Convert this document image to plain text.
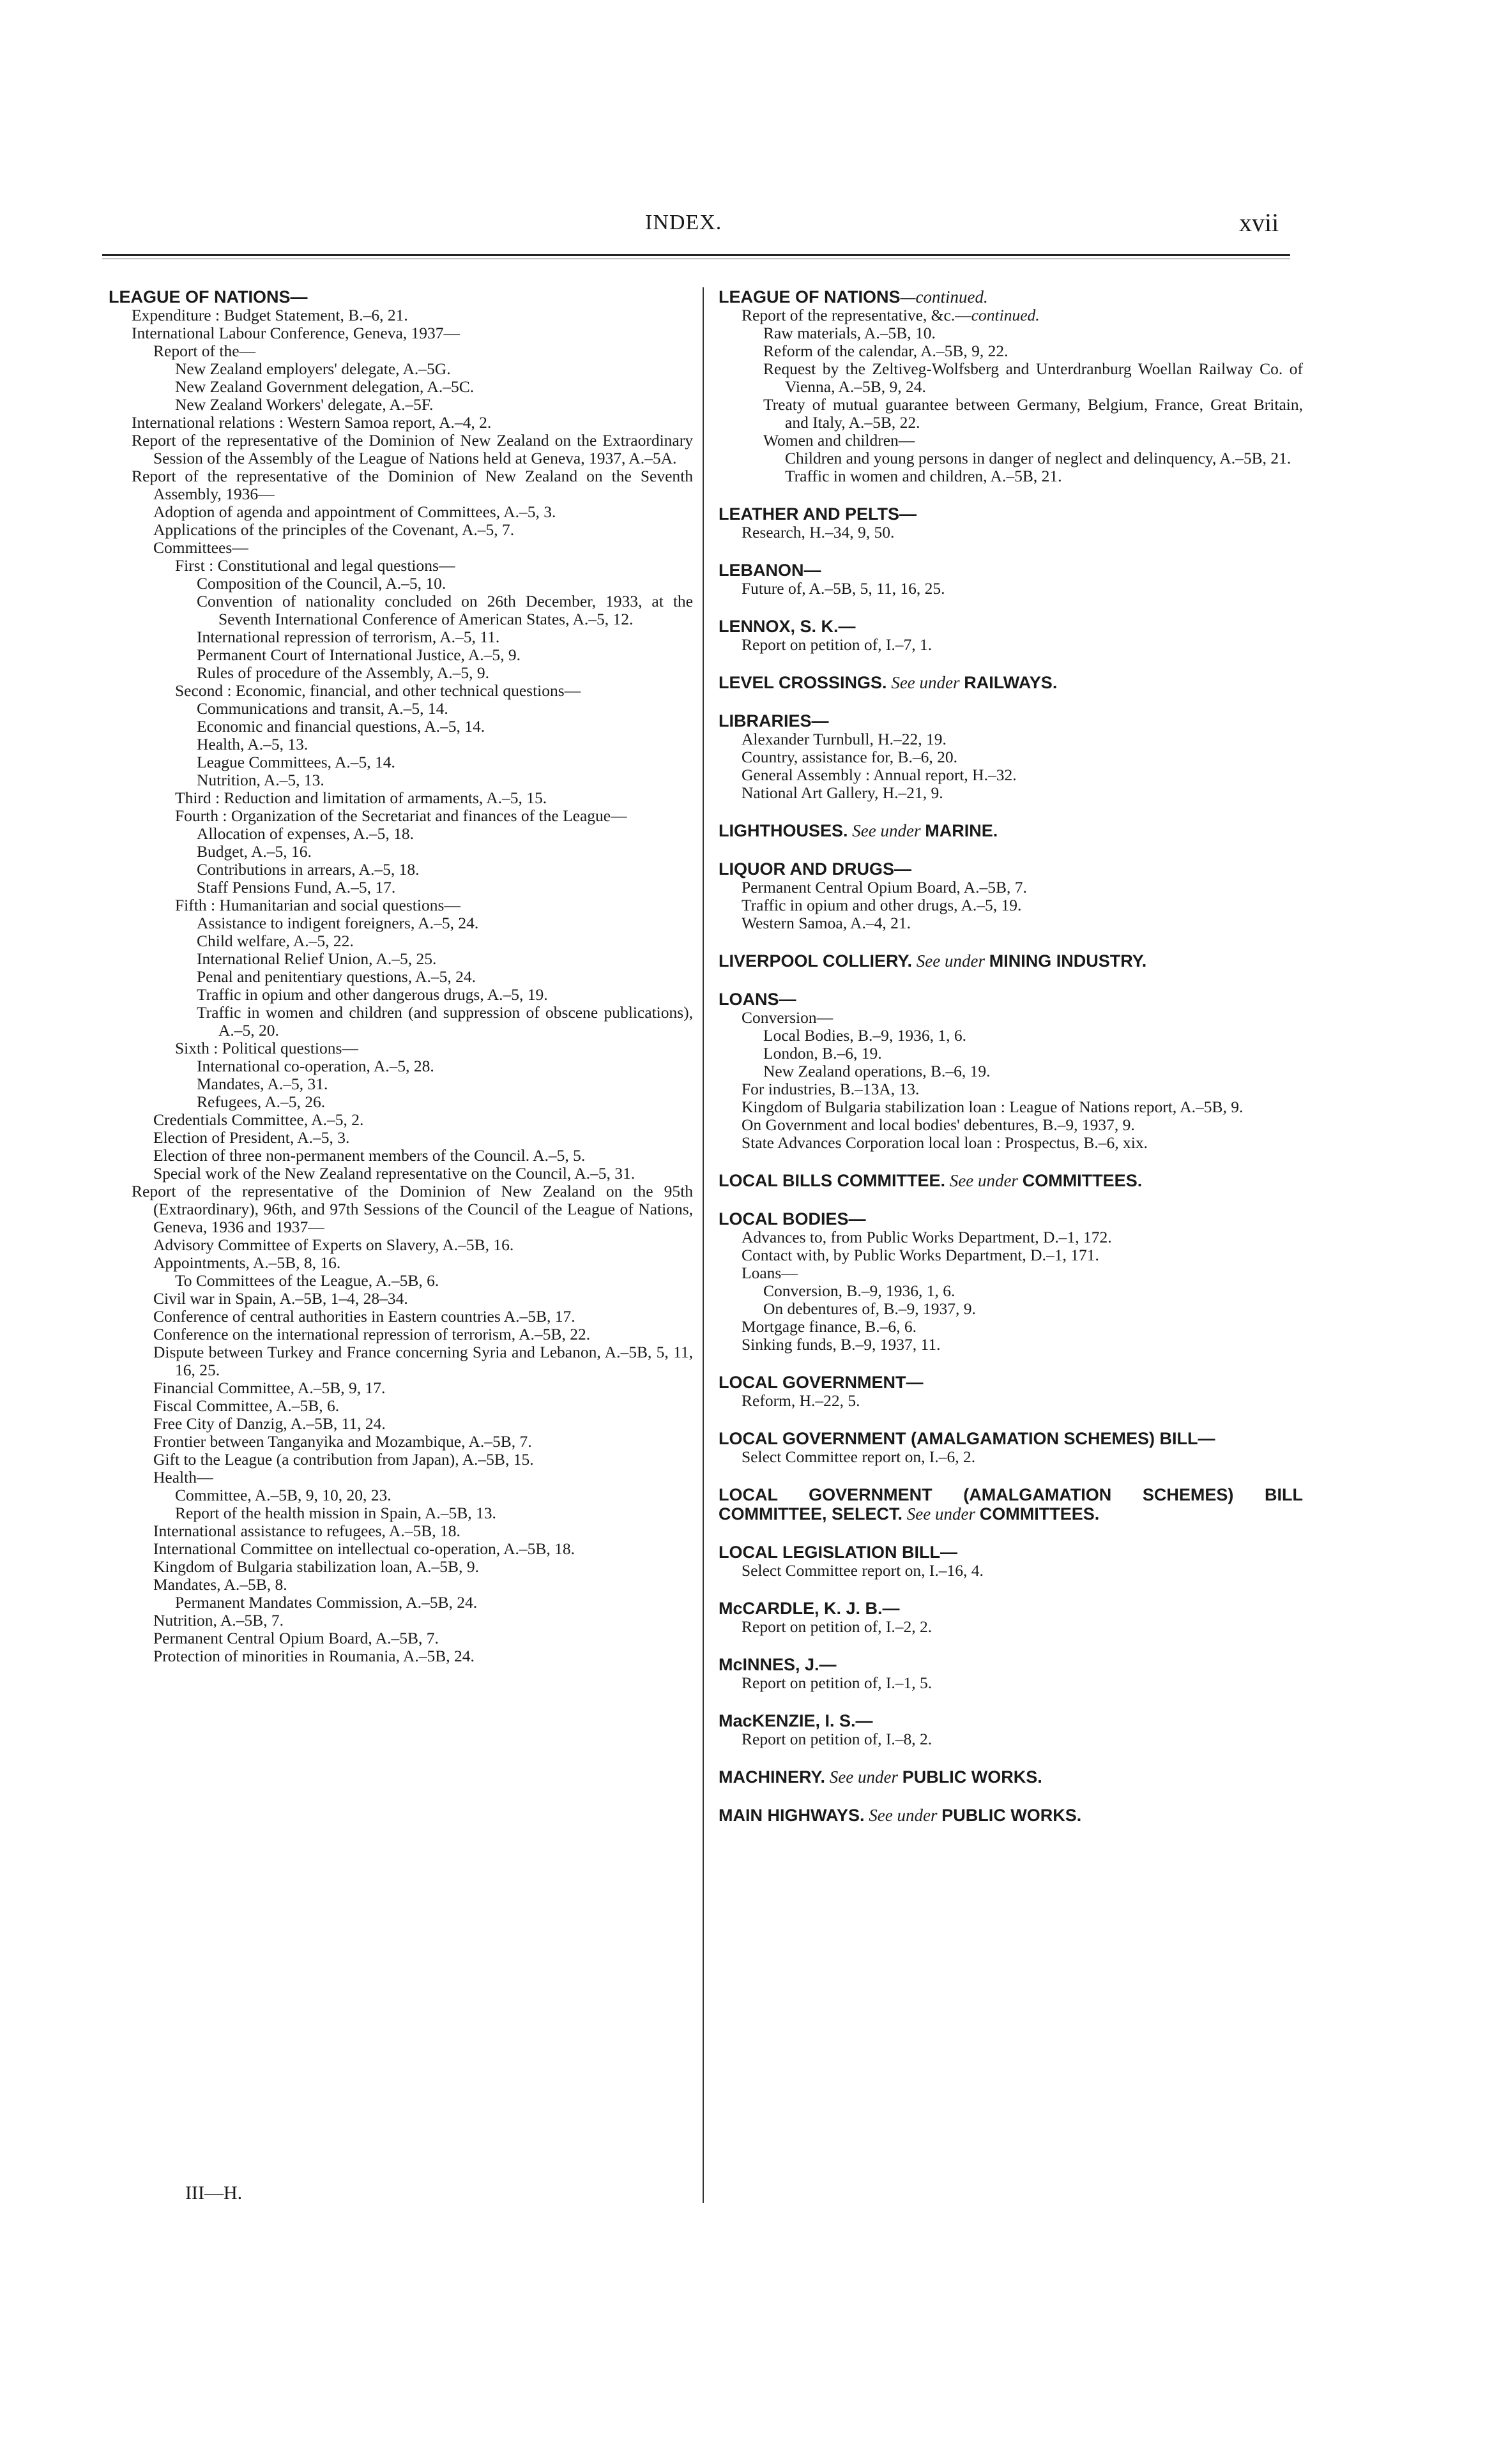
INDEX.	xvii
LEAGUE OF NATIONS—
Expenditure : Budget Statement, B.–6, 21.
International Labour Conference, Geneva, 1937—
Report of the—
New Zealand employers' delegate, A.–5G.
New Zealand Government delegation, A.–5C.
New Zealand Workers' delegate, A.–5F.
International relations : Western Samoa report, A.–4, 2.
Report of the representative of the Dominion of New Zealand on the Extraordinary Session of the Assembly of the League of Nations held at Geneva, 1937, A.–5A.
Report of the representative of the Dominion of New Zealand on the Seventh Assembly, 1936—
Adoption of agenda and appointment of Committees, A.–5, 3.
Applications of the principles of the Covenant, A.–5, 7.
Committees—
First : Constitutional and legal questions—
Composition of the Council, A.–5, 10.
Convention of nationality concluded on 26th December, 1933, at the Seventh International Conference of American States, A.–5, 12.
International repression of terrorism, A.–5, 11.
Permanent Court of International Justice, A.–5, 9.
Rules of procedure of the Assembly, A.–5, 9.
Second : Economic, financial, and other technical questions—
Communications and transit, A.–5, 14.
Economic and financial questions, A.–5, 14.
Health, A.–5, 13.
League Committees, A.–5, 14.
Nutrition, A.–5, 13.
Third : Reduction and limitation of armaments, A.–5, 15.
Fourth : Organization of the Secretariat and finances of the League—
Allocation of expenses, A.–5, 18.
Budget, A.–5, 16.
Contributions in arrears, A.–5, 18.
Staff Pensions Fund, A.–5, 17.
Fifth : Humanitarian and social questions—
Assistance to indigent foreigners, A.–5, 24.
Child welfare, A.–5, 22.
International Relief Union, A.–5, 25.
Penal and penitentiary questions, A.–5, 24.
Traffic in opium and other dangerous drugs, A.–5, 19.
Traffic in women and children (and suppression of obscene publications), A.–5, 20.
Sixth : Political questions—
International co-operation, A.–5, 28.
Mandates, A.–5, 31.
Refugees, A.–5, 26.
Credentials Committee, A.–5, 2.
Election of President, A.–5, 3.
Election of three non-permanent members of the Council. A.–5, 5.
Special work of the New Zealand representative on the Council, A.–5, 31.
Report of the representative of the Dominion of New Zealand on the 95th (Extraordinary), 96th, and 97th Sessions of the Council of the League of Nations, Geneva, 1936 and 1937—
Advisory Committee of Experts on Slavery, A.–5B, 16.
Appointments, A.–5B, 8, 16.
To Committees of the League, A.–5B, 6.
Civil war in Spain, A.–5B, 1–4, 28–34.
Conference of central authorities in Eastern countries A.–5B, 17.
Conference on the international repression of terrorism, A.–5B, 22.
Dispute between Turkey and France concerning Syria and Lebanon, A.–5B, 5, 11, 16, 25.
Financial Committee, A.–5B, 9, 17.
Fiscal Committee, A.–5B, 6.
Free City of Danzig, A.–5B, 11, 24.
Frontier between Tanganyika and Mozambique, A.–5B, 7.
Gift to the League (a contribution from Japan), A.–5B, 15.
Health—
Committee, A.–5B, 9, 10, 20, 23.
Report of the health mission in Spain, A.–5B, 13.
International assistance to refugees, A.–5B, 18.
International Committee on intellectual co-operation, A.–5B, 18.
Kingdom of Bulgaria stabilization loan, A.–5B, 9.
Mandates, A.–5B, 8.
Permanent Mandates Commission, A.–5B, 24.
Nutrition, A.–5B, 7.
Permanent Central Opium Board, A.–5B, 7.
Protection of minorities in Roumania, A.–5B, 24.
LEAGUE OF NATIONS—continued.
Report of the representative, &c.—continued.
Raw materials, A.–5B, 10.
Reform of the calendar, A.–5B, 9, 22.
Request by the Zeltiveg-Wolfsberg and Unterdranburg Woellan Railway Co. of Vienna, A.–5B, 9, 24.
Treaty of mutual guarantee between Germany, Belgium, France, Great Britain, and Italy, A.–5B, 22.
Women and children—
Children and young persons in danger of neglect and delinquency, A.–5B, 21.
Traffic in women and children, A.–5B, 21.
LEATHER AND PELTS—
Research, H.–34, 9, 50.
LEBANON—
Future of, A.–5B, 5, 11, 16, 25.
LENNOX, S. K.—
Report on petition of, I.–7, 1.
LEVEL CROSSINGS. See under RAILWAYS.
LIBRARIES—
Alexander Turnbull, H.–22, 19.
Country, assistance for, B.–6, 20.
General Assembly : Annual report, H.–32.
National Art Gallery, H.–21, 9.
LIGHTHOUSES. See under MARINE.
LIQUOR AND DRUGS—
Permanent Central Opium Board, A.–5B, 7.
Traffic in opium and other drugs, A.–5, 19.
Western Samoa, A.–4, 21.
LIVERPOOL COLLIERY. See under MINING INDUSTRY.
LOANS—
Conversion—
Local Bodies, B.–9, 1936, 1, 6.
London, B.–6, 19.
New Zealand operations, B.–6, 19.
For industries, B.–13A, 13.
Kingdom of Bulgaria stabilization loan : League of Nations report, A.–5B, 9.
On Government and local bodies' debentures, B.–9, 1937, 9.
State Advances Corporation local loan : Prospectus, B.–6, xix.
LOCAL BILLS COMMITTEE. See under COMMITTEES.
LOCAL BODIES—
Advances to, from Public Works Department, D.–1, 172.
Contact with, by Public Works Department, D.–1, 171.
Loans—
Conversion, B.–9, 1936, 1, 6.
On debentures of, B.–9, 1937, 9.
Mortgage finance, B.–6, 6.
Sinking funds, B.–9, 1937, 11.
LOCAL GOVERNMENT—
Reform, H.–22, 5.
LOCAL GOVERNMENT (AMALGAMATION SCHEMES) BILL—
Select Committee report on, I.–6, 2.
LOCAL GOVERNMENT (AMALGAMATION SCHEMES) BILL COMMITTEE, SELECT. See under COMMITTEES.
LOCAL LEGISLATION BILL—
Select Committee report on, I.–16, 4.
McCARDLE, K. J. B.—
Report on petition of, I.–2, 2.
McINNES, J.—
Report on petition of, I.–1, 5.
MacKENZIE, I. S.—
Report on petition of, I.–8, 2.
MACHINERY. See under PUBLIC WORKS.
MAIN HIGHWAYS. See under PUBLIC WORKS.
III—H.
